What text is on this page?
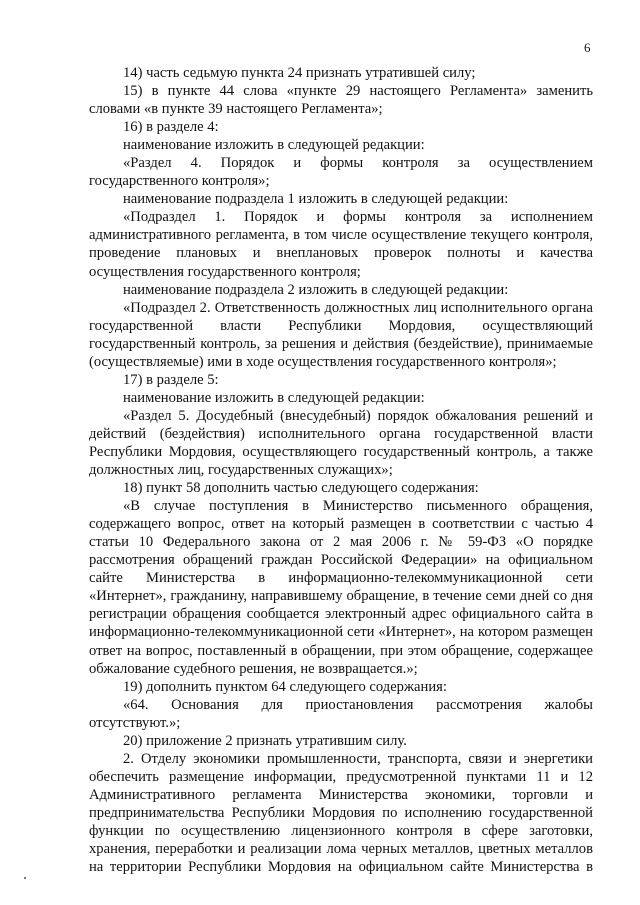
6

14) часть седьмую пункта 24 признать утратившей силу;

15) в пункте 44 слова «пункте 29 настоящего Регламента» заменить словами «в пункте 39 настоящего Регламента»;

16) в разделе 4:

наименование изложить в следующей редакции:

«Раздел 4. Порядок и формы контроля за осуществлением государственного контроля»;

наименование подраздела 1 изложить в следующей редакции:

«Подраздел 1. Порядок и формы контроля за исполнением административного регламента, в том числе осуществление текущего контроля, проведение плановых и внеплановых проверок полноты и качества осуществления государственного контроля;

наименование подраздела 2 изложить в следующей редакции:

«Подраздел 2. Ответственность должностных лиц исполнительного органа государственной власти Республики Мордовия, осуществляющий государственный контроль, за решения и действия (бездействие), принимаемые (осуществляемые) ими в ходе осуществления государственного контроля»;

17) в разделе 5:

наименование изложить в следующей редакции:

«Раздел 5. Досудебный (внесудебный) порядок обжалования решений и действий (бездействия) исполнительного органа государственной власти Республики Мордовия, осуществляющего государственный контроль, а также должностных лиц, государственных служащих»;

18) пункт 58 дополнить частью следующего содержания:

«В случае поступления в Министерство письменного обращения, содержащего вопрос, ответ на который размещен в соответствии с частью 4 статьи 10 Федерального закона от 2 мая 2006 г. № 59-ФЗ «О порядке рассмотрения обращений граждан Российской Федерации» на официальном сайте Министерства в информационно-телекоммуникационной сети «Интернет», гражданину, направившему обращение, в течение семи дней со дня регистрации обращения сообщается электронный адрес официального сайта в информационно-телекоммуникационной сети «Интернет», на котором размещен ответ на вопрос, поставленный в обращении, при этом обращение, содержащее обжалование судебного решения, не возвращается.»;

19) дополнить пунктом 64 следующего содержания:

«64. Основания для приостановления рассмотрения жалобы отсутствуют.»;

20) приложение 2 признать утратившим силу.

2. Отделу экономики промышленности, транспорта, связи и энергетики обеспечить размещение информации, предусмотренной пунктами 11 и 12 Административного регламента Министерства экономики, торговли и предпринимательства Республики Мордовия по исполнению государственной функции по осуществлению лицензионного контроля в сфере заготовки, хранения, переработки и реализации лома черных металлов, цветных металлов на территории Республики Мордовия на официальном сайте Министерства в
